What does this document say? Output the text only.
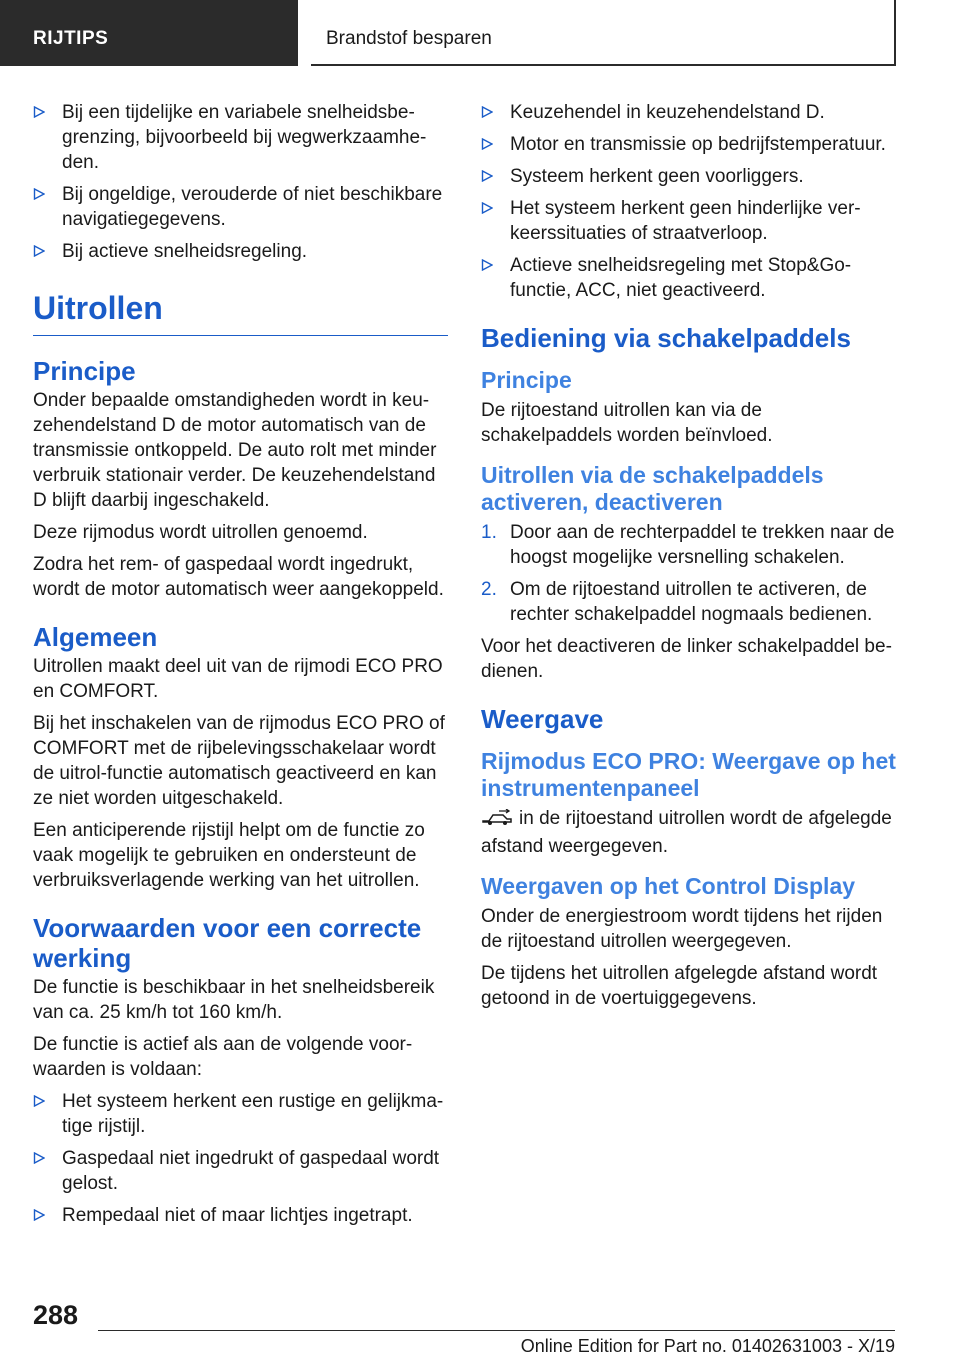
RIJTIPS	Brandstof besparen
Bij een tijdelijke en variabele snelheidsbegrenzing, bijvoorbeeld bij wegwerkzaamheden.
Bij ongeldige, verouderde of niet beschikbare navigatiegegevens.
Bij actieve snelheidsregeling.
Uitrollen
Principe

Onder bepaalde omstandigheden wordt in keuzehendelstand D de motor automatisch van de transmissie ontkoppeld. De auto rolt met minder verbruik stationair verder. De keuzehendelstand D blijft daarbij ingeschakeld.

Deze rijmodus wordt uitrollen genoemd.

Zodra het rem- of gaspedaal wordt ingedrukt, wordt de motor automatisch weer aangekoppeld.

Algemeen

Uitrollen maakt deel uit van de rijmodi ECO PRO en COMFORT.

Bij het inschakelen van de rijmodus ECO PRO of COMFORT met de rijbelevingsschakelaar wordt de uitrol-functie automatisch geactiveerd en kan ze niet worden uitgeschakeld.

Een anticiperende rijstijl helpt om de functie zo vaak mogelijk te gebruiken en ondersteunt de verbruiksverlagende werking van het uitrollen.

Voorwaarden voor een correcte werking

De functie is beschikbaar in het snelheidsbereik van ca. 25 km/h tot 160 km/h.

De functie is actief als aan de volgende voorwaarden is voldaan:

Het systeem herkent een rustige en gelijkmatige rijstijl.
Gaspedaal niet ingedrukt of gaspedaal wordt gelost.
Rempedaal niet of maar lichtjes ingetrapt.
Keuzehendel in keuzehendelstand D.
Motor en transmissie op bedrijfstemperatuur.
Systeem herkent geen voorliggers.
Het systeem herkent geen hinderlijke verkeerssituaties of straatverloop.
Actieve snelheidsregeling met Stop&Go-functie, ACC, niet geactiveerd.
Bediening via schakelpaddels
Principe

De rijtoestand uitrollen kan via de schakelpaddels worden beïnvloed.

Uitrollen via de schakelpaddels activeren, deactiveren
1. Door aan de rechterpaddel te trekken naar de hoogst mogelijke versnelling schakelen.
2. Om de rijtoestand uitrollen te activeren, de rechter schakelpaddel nogmaals bedienen.

Voor het deactiveren de linker schakelpaddel bedienen.

Weergave
Rijmodus ECO PRO: Weergave op het instrumentenpaneel

in de rijtoestand uitrollen wordt de afgelegde afstand weergegeven.

Weergaven op het Control Display

Onder de energiestroom wordt tijdens het rijden de rijtoestand uitrollen weergegeven.

De tijdens het uitrollen afgelegde afstand wordt getoond in de voertuiggegevens.

288
Online Edition for Part no. 01402631003 - X/19
